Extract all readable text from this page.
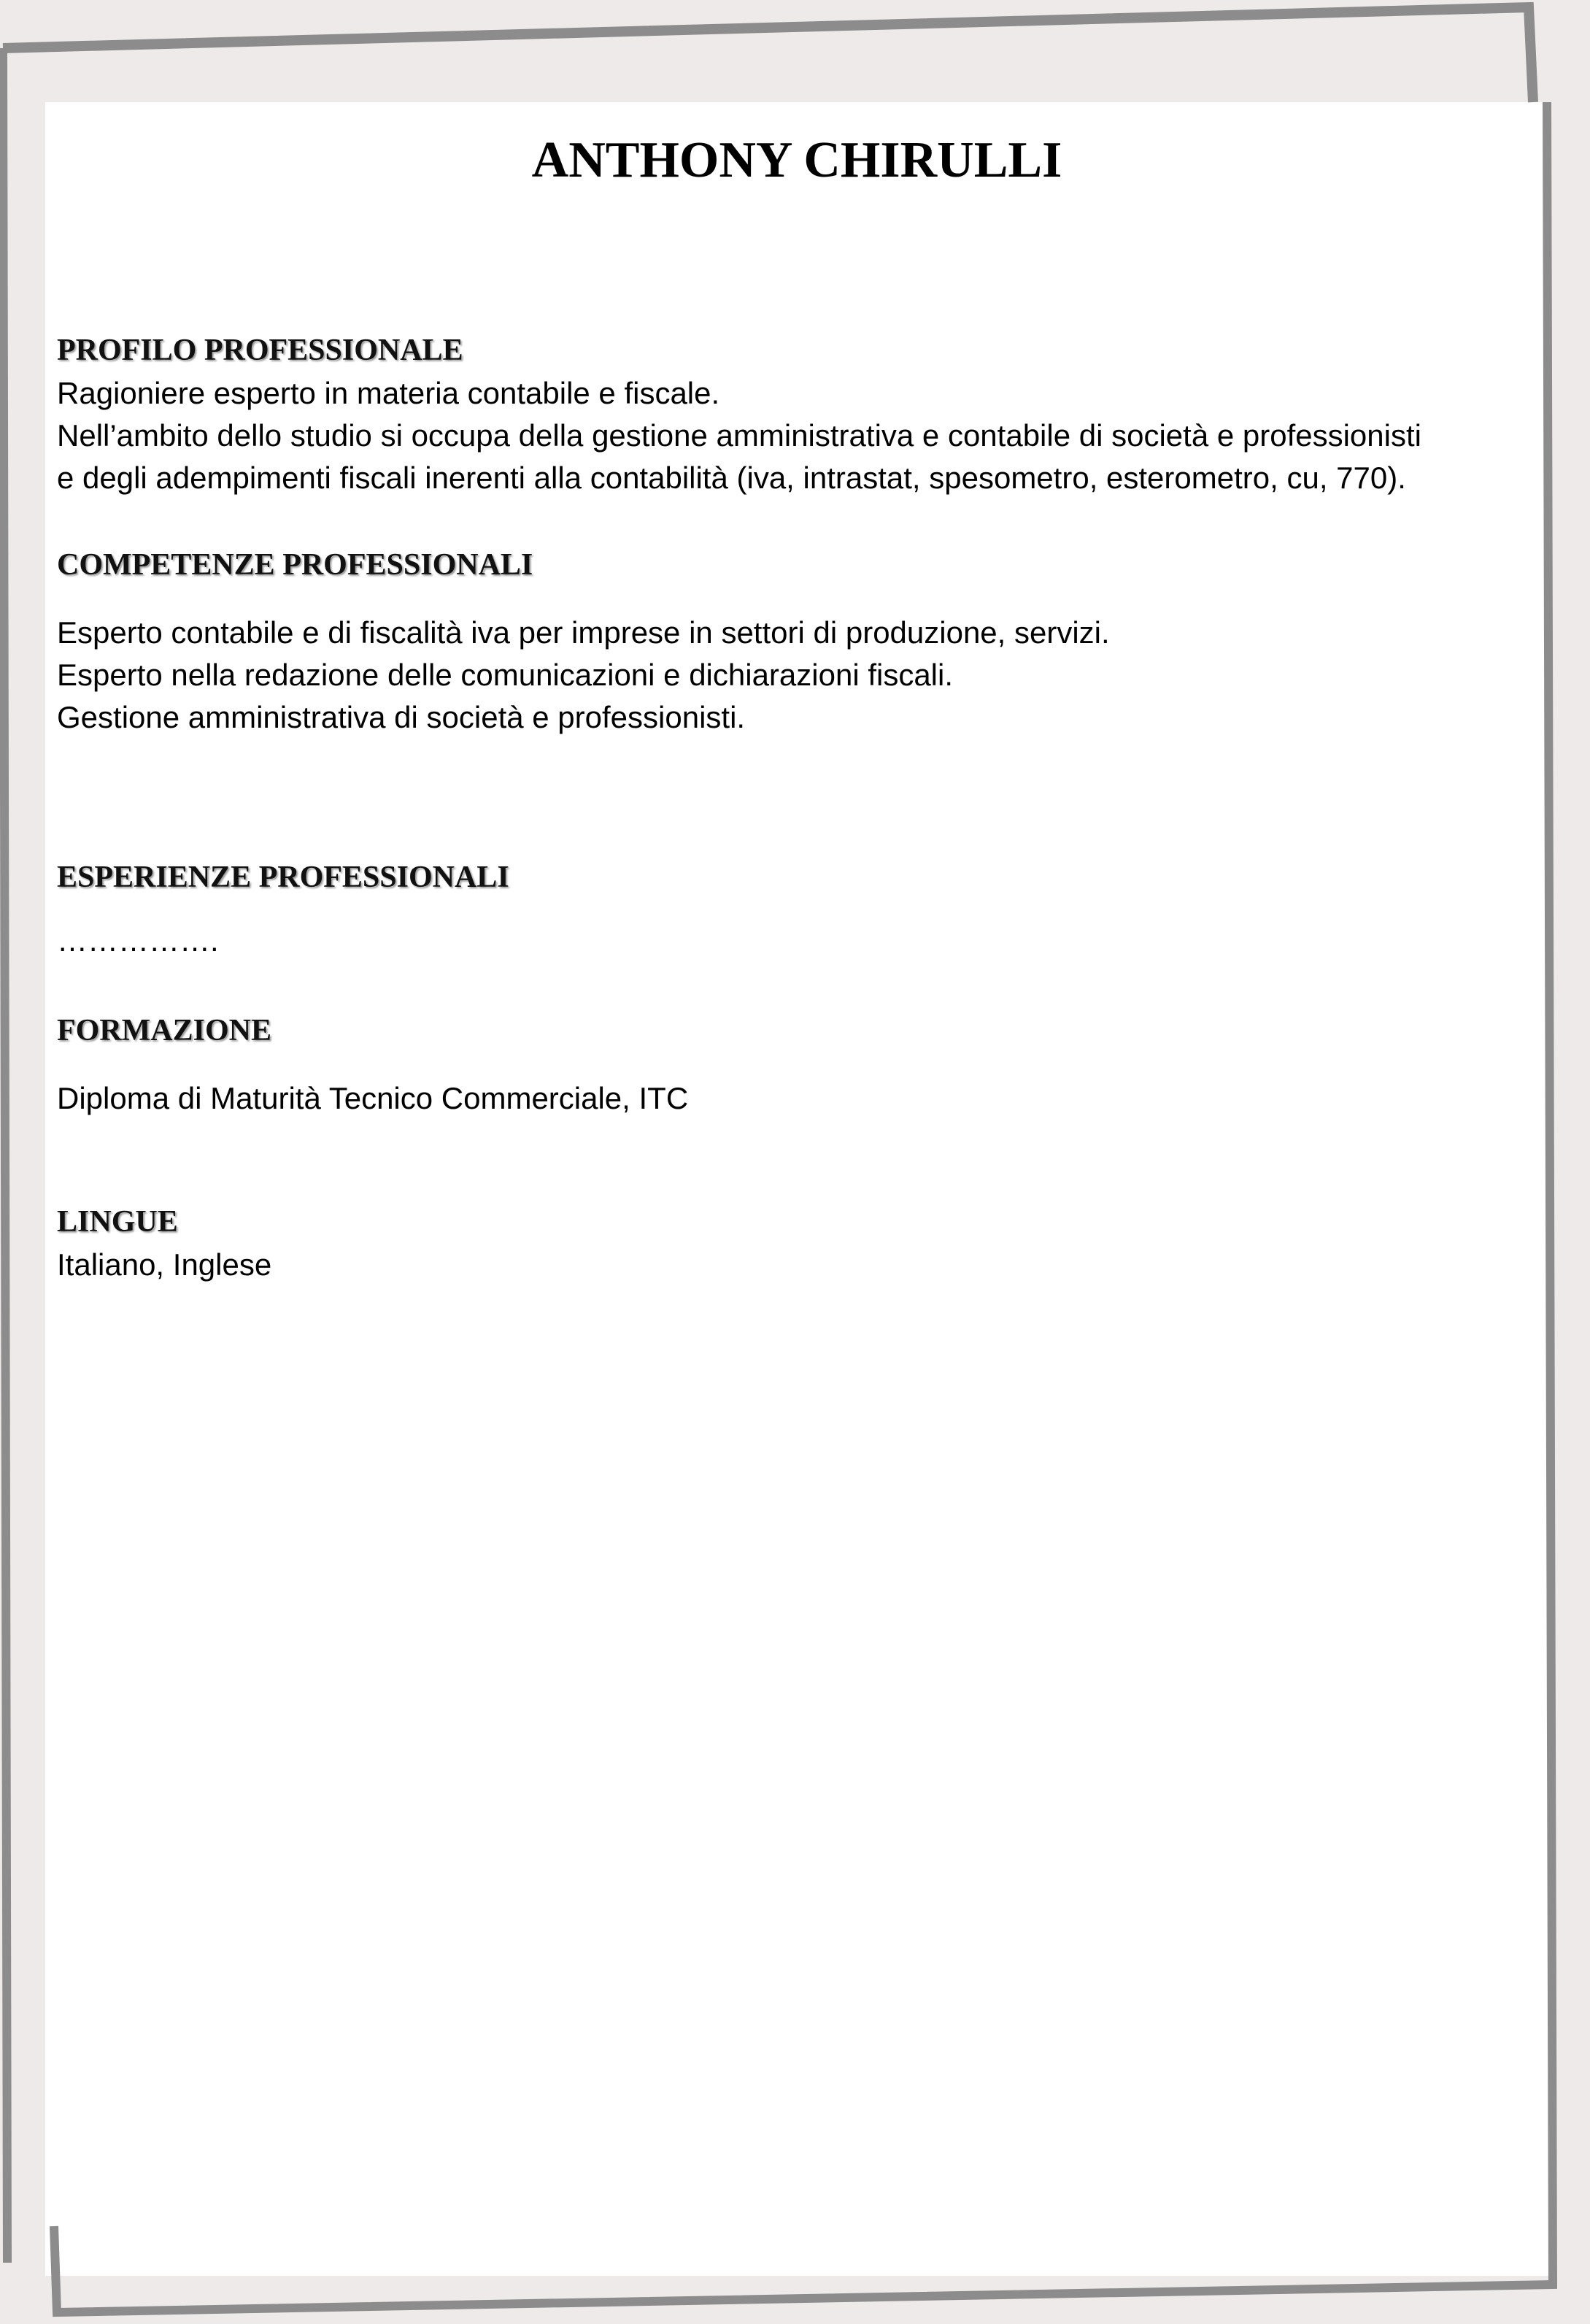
ANTHONY CHIRULLI
PROFILO PROFESSIONALE

Ragioniere esperto in materia contabile e fiscale.

Nell’ambito dello studio si occupa della gestione amministrativa e contabile di società e professionisti

e degli adempimenti fiscali inerenti alla contabilità (iva, intrastat, spesometro, esterometro, cu, 770).

COMPETENZE PROFESSIONALI

Esperto contabile e di fiscalità iva per imprese in settori di produzione, servizi.

Esperto nella redazione delle comunicazioni e dichiarazioni fiscali.

Gestione amministrativa di società e professionisti.

ESPERIENZE PROFESSIONALI

…………….

FORMAZIONE

Diploma di Maturità Tecnico Commerciale, ITC

LINGUE

Italiano, Inglese
